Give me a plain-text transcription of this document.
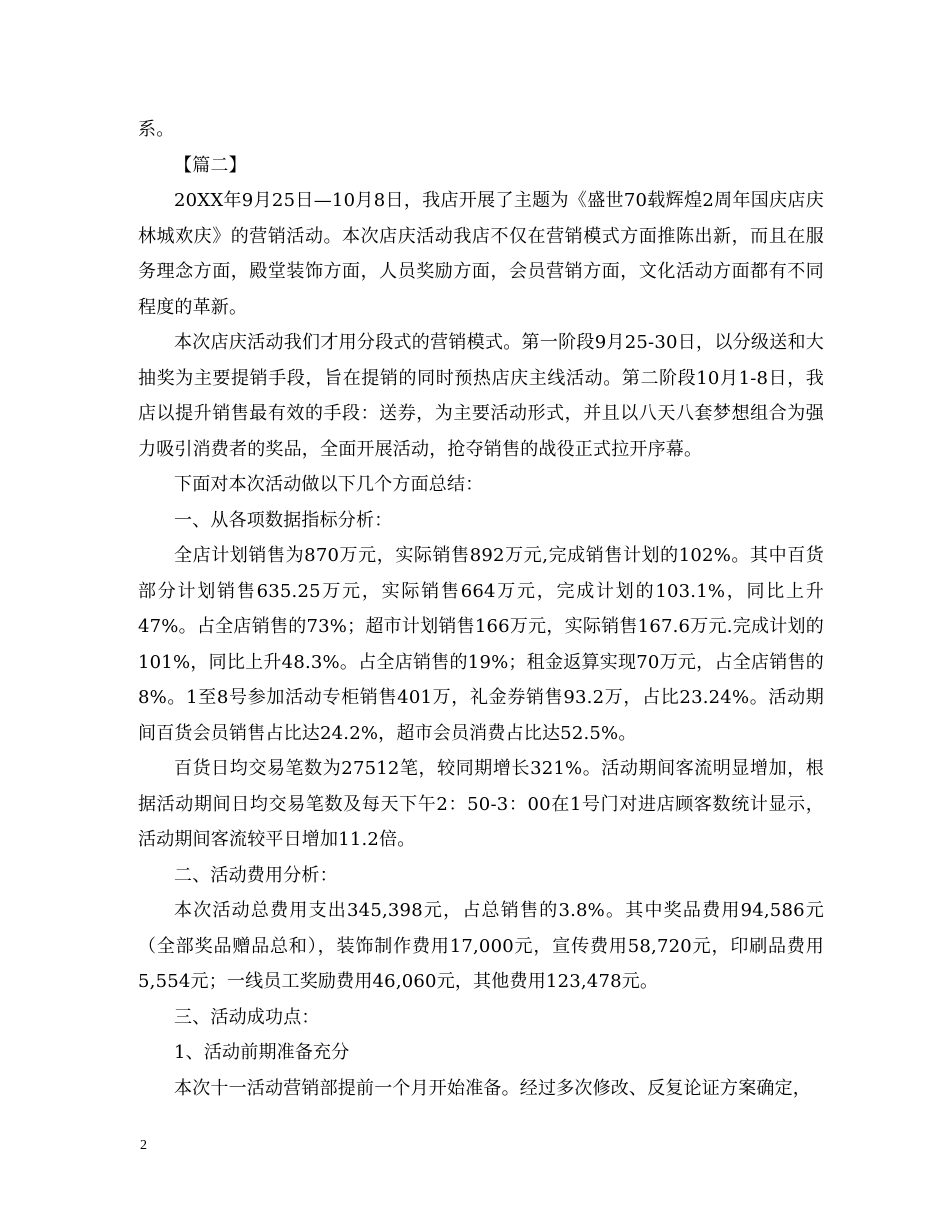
系。

【篇二】

20XX年9月25日—10月8日，我店开展了主题为《盛世70载辉煌2周年国庆店庆林城欢庆》的营销活动。本次店庆活动我店不仅在营销模式方面推陈出新，而且在服务理念方面，殿堂装饰方面，人员奖励方面，会员营销方面，文化活动方面都有不同程度的革新。

本次店庆活动我们才用分段式的营销模式。第一阶段9月25-30日，以分级送和大抽奖为主要提销手段，旨在提销的同时预热店庆主线活动。第二阶段10月1-8日，我店以提升销售最有效的手段：送券，为主要活动形式，并且以八天八套梦想组合为强力吸引消费者的奖品，全面开展活动，抢夺销售的战役正式拉开序幕。

下面对本次活动做以下几个方面总结：

一、从各项数据指标分析：

全店计划销售为870万元，实际销售892万元,完成销售计划的102%。其中百货部分计划销售635.25万元，实际销售664万元，完成计划的103.1%，同比上升47%。占全店销售的73%；超市计划销售166万元，实际销售167.6万元.完成计划的101%，同比上升48.3%。占全店销售的19%；租金返算实现70万元，占全店销售的8%。1至8号参加活动专柜销售401万，礼金券销售93.2万，占比23.24%。活动期间百货会员销售占比达24.2%，超市会员消费占比达52.5%。

百货日均交易笔数为27512笔，较同期增长321%。活动期间客流明显增加，根据活动期间日均交易笔数及每天下午2：50-3：00在1号门对进店顾客数统计显示，活动期间客流较平日增加11.2倍。

二、活动费用分析：

本次活动总费用支出345,398元，占总销售的3.8%。其中奖品费用94,586元（全部奖品赠品总和），装饰制作费用17,000元，宣传费用58,720元，印刷品费用5,554元；一线员工奖励费用46,060元，其他费用123,478元。

三、活动成功点：

1、活动前期准备充分

本次十一活动营销部提前一个月开始准备。经过多次修改、反复论证方案确定，

2
